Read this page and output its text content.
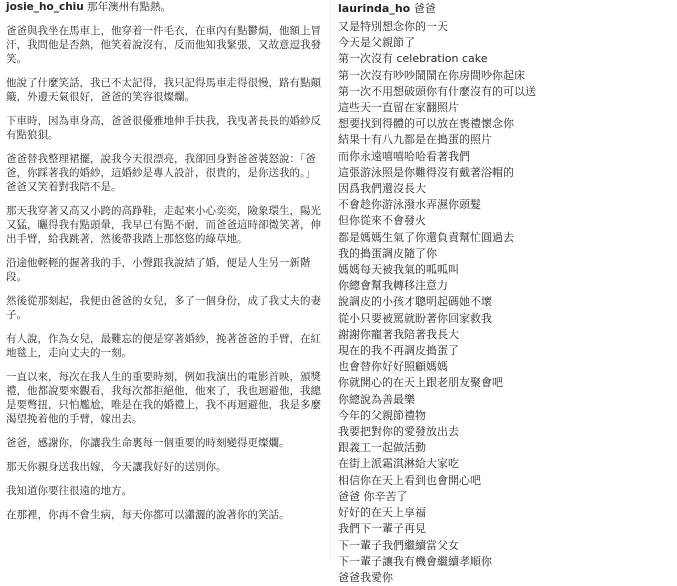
josie_ho_chiu 那年澳州有點熱。

爸爸與我坐在馬車上，他穿着一件毛衣，在車內有點鬱焗，他額上冒汗，我問他是否熱，他笑着說沒有，反而他知我緊張，又故意逗我發笑。

他說了什麼笑話，我已不太記得，我只記得馬車走得很慢，路有點顛簸，外邊天氣很好，爸爸的笑容很燦爛。

下車時，因為車身高，爸爸很優雅地伸手扶我，我曳著長長的婚紗反有點狼狽。

爸爸替我整理裙擺，說我今天很漂亮，我卻回身對爸爸裝怒說：「爸爸，你踩著我的婚紗，這婚紗是專人設計，很貴的，是你送我的。」爸爸又笑着對我陪不是。

那天我穿著又高又小跨的高踭鞋，走起來小心奕奕，險象環生，陽光又猛，曬得我有點頭暈，我早已有點不耐，而爸爸這時卻微笑著，伸出手臂，給我跳著，然後帶我踏上那悠悠的綠草地。

沿途他輕輕的握著我的手，小聲跟我說結了婚，便是人生另一新階段。

然後從那刻起，我便由爸爸的女兒，多了一個身份，成了我丈夫的妻子。

有人說，作為女兒，最難忘的便是穿著婚紗，挽著爸爸的手臂，在紅地毯上，走向丈夫的一刻。

一直以來，每次在我人生的重要時刻，例如我演出的電影首映，頒獎禮，他都說要來觀看，我每次都拒絕他，他來了，我也迴避他，我總是要彆扭，只怕尷尬，唯是在我的婚禮上，我不再迴避他，我是多麼渴望挽着他的手臂，嫁出去。

爸爸，感謝你，你讓我生命裏每一個重要的時刻變得更燦爛。

那天你親身送我出嫁，今天讓我好好的送別你。

我知道你要往很遠的地方。

在那裡，你再不會生病，每天你都可以瀟灑的說著你的笑話。

laurinda_ho 爸爸
又是特別想念你的一天
今天是父親節了
第一次沒有 celebration cake
第一次沒有吵吵鬧鬧在你房間吵你起床
第一次不用想破頭你有什麼沒有的可以送
這些天一直留在家翻照片
想要找到得體的可以放在喪禮懷念你
結果十有八九都是在搗蛋的照片
而你永遠嘻嘻哈哈看著我們
這張游泳照是你難得沒有戴著浴帽的
因爲我們還沒長大
不會趁你游泳潑水弄濕你頭髮
但你從來不會發火
都是媽媽生氣了你還負責幫忙圓過去
我的搗蛋調皮隨了你
媽媽每天被我氣的呱呱叫
你總會幫我轉移注意力
說調皮的小孩才聰明起碼她不壞
從小只要被罵就盼著你回家救我
謝謝你寵著我陪著我長大
現在的我不再調皮搗蛋了
也會替你好好照顧媽媽
你就開心的在天上跟老朋友聚會吧
你總說為善最樂
今年的父親節禮物
我要把對你的愛發放出去
跟義工一起做活動
在街上派霜淇淋給大家吃
相信你在天上看到也會開心吧
爸爸 你辛苦了
好好的在天上享福
我們下一輩子再見
下一輩子我們繼續當父女
下一輩子讓我有機會繼續孝順你
爸爸我愛你
